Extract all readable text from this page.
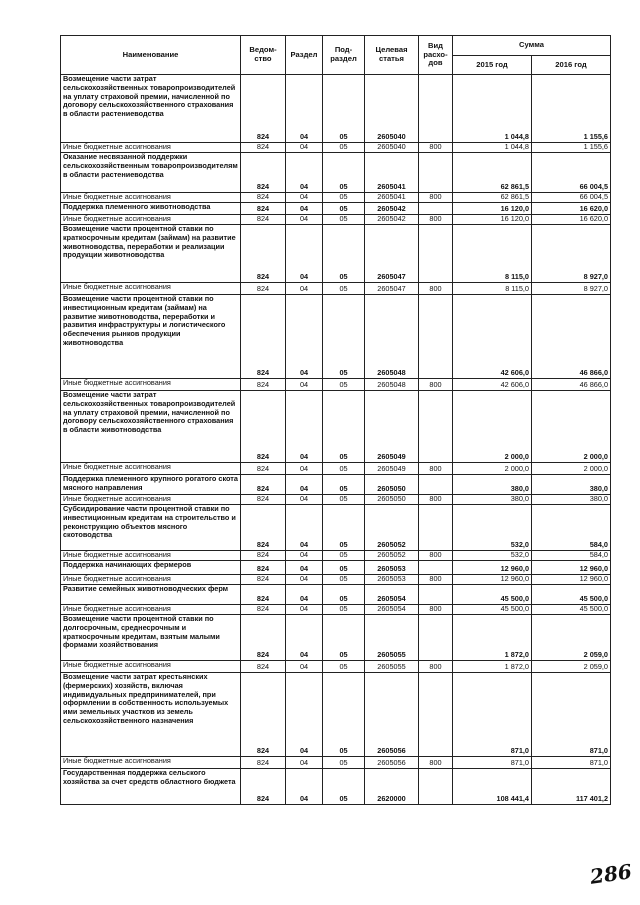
Наименование	Ведом-ство	Раздел	Под-раздел	Целевая статья	Вид расхо-дов	Сумма	
						2015 год	2016 год
Возмещение части затрат сельскохозяйственных товаропроизводителей на уплату страховой премии, начисленной по договору сельскохозяйственного страхования в области растениеводства	824	04	05	2605040		1 044,8	1 155,6
Иные бюджетные ассигнования	824	04	05	2605040	800	1 044,8	1 155,6
Оказание несвязанной поддержки сельскохозяйственным товаропроизводителям в области растениеводства	824	04	05	2605041		62 861,5	66 004,5
Иные бюджетные ассигнования	824	04	05	2605041	800	62 861,5	66 004,5
Поддержка племенного животноводства	824	04	05	2605042		16 120,0	16 620,0
Иные бюджетные ассигнования	824	04	05	2605042	800	16 120,0	16 620,0
Возмещение части процентной ставки по краткосрочным кредитам (займам) на развитие животноводства, переработки и реализации продукции животноводства	824	04	05	2605047		8 115,0	8 927,0
Иные бюджетные ассигнования	824	04	05	2605047	800	8 115,0	8 927,0
Возмещение части процентной ставки по инвестиционным кредитам (займам) на развитие животноводства, переработки и развития инфраструктуры и логистического обеспечения рынков продукции животноводства	824	04	05	2605048		42 606,0	46 866,0
Иные бюджетные ассигнования	824	04	05	2605048	800	42 606,0	46 866,0
Возмещение части затрат сельскохозяйственных товаропроизводителей на уплату страховой премии, начисленной по договору сельскохозяйственного страхования в области животноводства	824	04	05	2605049		2 000,0	2 000,0
Иные бюджетные ассигнования	824	04	05	2605049	800	2 000,0	2 000,0
Поддержка племенного крупного рогатого скота мясного направления	824	04	05	2605050		380,0	380,0
Иные бюджетные ассигнования	824	04	05	2605050	800	380,0	380,0
Субсидирование части процентной ставки по инвестиционным кредитам на строительство и реконструкцию объектов мясного скотоводства	824	04	05	2605052		532,0	584,0
Иные бюджетные ассигнования	824	04	05	2605052	800	532,0	584,0
Поддержка начинающих фермеров	824	04	05	2605053		12 960,0	12 960,0
Иные бюджетные ассигнования	824	04	05	2605053	800	12 960,0	12 960,0
Развитие семейных животноводческих ферм	824	04	05	2605054		45 500,0	45 500,0
Иные бюджетные ассигнования	824	04	05	2605054	800	45 500,0	45 500,0
Возмещение части процентной ставки по долгосрочным, среднесрочным и краткосрочным кредитам, взятым малыми формами хозяйствования	824	04	05	2605055		1 872,0	2 059,0
Иные бюджетные ассигнования	824	04	05	2605055	800	1 872,0	2 059,0
Возмещение части затрат крестьянских (фермерских) хозяйств, включая индивидуальных предпринимателей, при оформлении в собственность используемых ими земельных участков из земель сельскохозяйственного назначения	824	04	05	2605056		871,0	871,0
Иные бюджетные ассигнования	824	04	05	2605056	800	871,0	871,0
Государственная поддержка сельского хозяйства за счет средств областного бюджета	824	04	05	2620000		108 441,4	117 401,2
286
